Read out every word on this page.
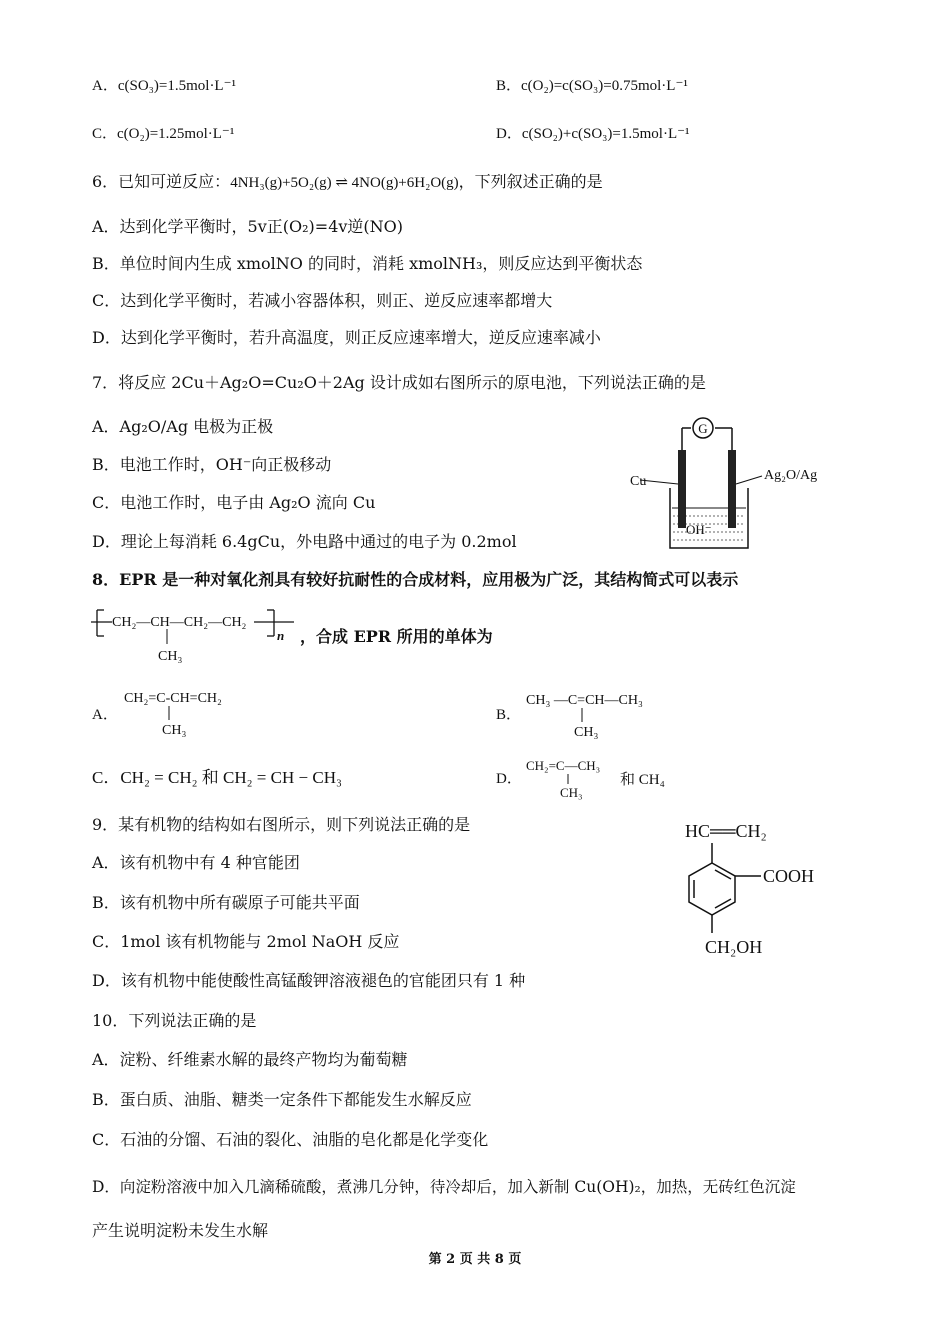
A．c(SO₃)=1.5mol·L⁻¹	B．c(O₂)=c(SO₃)=0.75mol·L⁻¹
C．c(O₂)=1.25mol·L⁻¹	D．c(SO₂)+c(SO₃)=1.5mol·L⁻¹
6．已知可逆反应：4NH₃(g)+5O₂(g) ⇌ 4NO(g)+6H₂O(g)，下列叙述正确的是
A．达到化学平衡时，5v正(O₂)=4v逆(NO)
B．单位时间内生成 xmolNO 的同时，消耗 xmolNH₃，则反应达到平衡状态
C．达到化学平衡时，若减小容器体积，则正、逆反应速率都增大
D．达到化学平衡时，若升高温度，则正反应速率增大，逆反应速率减小
7．将反应 2Cu＋Ag₂O=Cu₂O＋2Ag 设计成如右图所示的原电池，下列说法正确的是
A．Ag₂O/Ag 电极为正极
B．电池工作时，OH⁻向正极移动
C．电池工作时，电子由 Ag₂O 流向 Cu
D．理论上每消耗 6.4gCu，外电路中通过的电子为 0.2mol
G
Cu	Ag₂O/Ag
OH⁻
8．EPR 是一种对氧化剂具有较好抗耐性的合成材料，应用极为广泛，其结构简式可以表示
CH₂—CH—CH₂—CH₂
n
CH₃
，合成 EPR 所用的单体为
A．
CH₂=C-CH=CH₂
CH₃
B．
CH₃ —C=CH—CH₃
CH₃
C．CH₂ = CH₂ 和 CH₂ = CH − CH₃	D．
CH₂=C—CH₃
CH₃
和 CH₄
9．某有机物的结构如右图所示，则下列说法正确的是
A．该有机物中有 4 种官能团
B．该有机物中所有碳原子可能共平面
C．1mol 该有机物能与 2mol NaOH 反应
D．该有机物中能使酸性高锰酸钾溶液褪色的官能团只有 1 种
HC══CH₂
COOH
CH₂OH
10．下列说法正确的是
A．淀粉、纤维素水解的最终产物均为葡萄糖
B．蛋白质、油脂、糖类一定条件下都能发生水解反应
C．石油的分馏、石油的裂化、油脂的皂化都是化学变化
D．向淀粉溶液中加入几滴稀硫酸，煮沸几分钟，待冷却后，加入新制 Cu(OH)₂，加热，无砖红色沉淀
产生说明淀粉未发生水解
第 2 页 共 8 页
